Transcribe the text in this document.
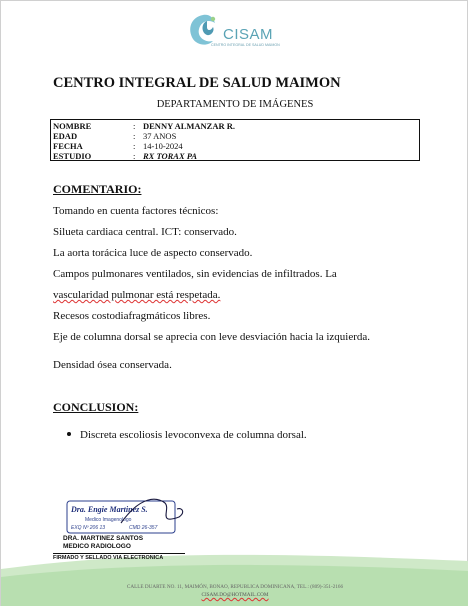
CISAM
CENTRO INTEGRAL DE SALUD MAIMON
CENTRO INTEGRAL DE SALUD MAIMON
DEPARTAMENTO DE IMÁGENES
NOMBRE	: DENNY ALMANZAR R.
EDAD	: 37 ANOS
FECHA	: 14-10-2024
ESTUDIO	: RX TORAX PA
COMENTARIO:
Tomando en cuenta factores técnicos:
Silueta cardiaca central. ICT: conservado.
La aorta torácica luce de aspecto conservado.
Campos pulmonares ventilados, sin evidencias de infiltrados. La
vascularidad pulmonar está respetada.
Recesos costodiafragmáticos libres.
Eje de columna dorsal se aprecia con leve desviación hacia la izquierda.
Densidad ósea conservada.
CONCLUSION:
Discreta escoliosis levoconvexa de columna dorsal.
Dra. Engie Martinez S.
Medico Imagenologo
EXQ Nº 206 13	CMD 26-357
DRA. MARTINEZ SANTOS
MEDICO RADIOLOGO
FIRMADO Y SELLADO VIA ELECTRONICA
CALLE DUARTE NO. 11, MAIMÓN, BONAO, REPUBLICA DOMINICANA, TEL.: (809)-351-2166
CISAM.DO@HOTMAIL.COM
